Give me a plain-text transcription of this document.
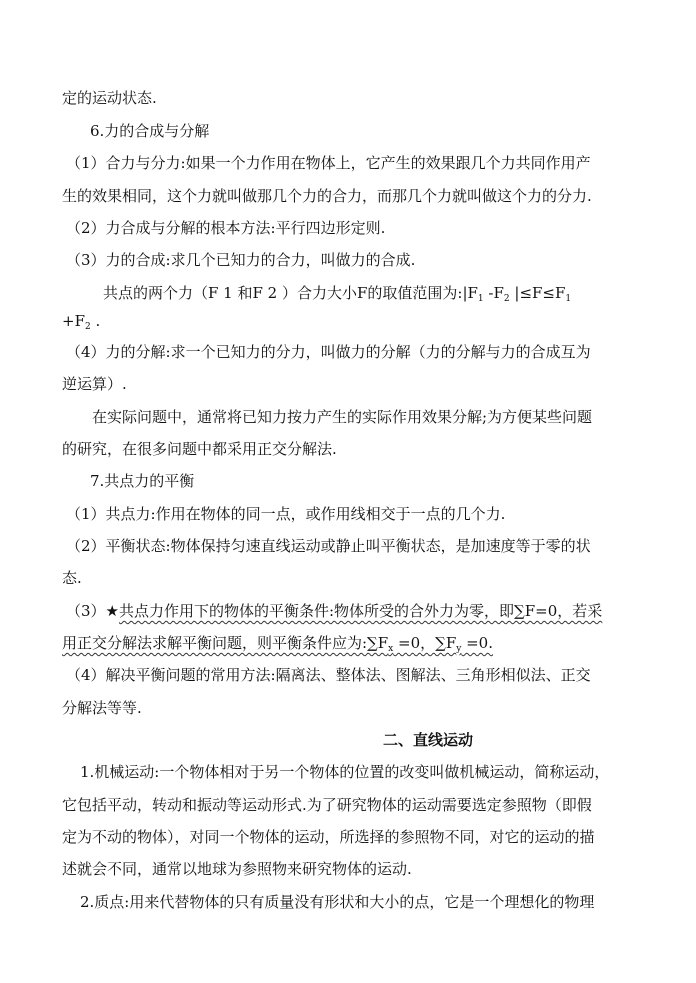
定的运动状态.
6.力的合成与分解
（1）合力与分力:如果一个力作用在物体上，它产生的效果跟几个力共同作用产
生的效果相同，这个力就叫做那几个力的合力，而那几个力就叫做这个力的分力.
（2）力合成与分解的根本方法:平行四边形定则.
（3）力的合成:求几个已知力的合力，叫做力的合成.
共点的两个力（F 1 和F 2 ）合力大小F的取值范围为$:|F_1$ $-F_2$ $|\le F\le F_1$
$+F_2$ .
（4）力的分解:求一个已知力的分力，叫做力的分解（力的分解与力的合成互为
逆运算）.
在实际问题中，通常将已知力按力产生的实际作用效果分解;为方便某些问题
的研究，在很多问题中都采用正交分解法.
7.共点力的平衡
（1）共点力:作用在物体的同一点，或作用线相交于一点的几个力.
（2）平衡状态:物体保持匀速直线运动或静止叫平衡状态，是加速度等于零的状
态.
（3）★共点力作用下的物体的平衡条件:物体所受的合外力为零，即∑F=0，若采
用正交分解法求解平衡问题，则平衡条件应为$:\sum F_x =0$，$\sum F_y =0$.
（4）解决平衡问题的常用方法:隔离法、整体法、图解法、三角形相似法、正交
分解法等等.
二、直线运动
1.机械运动:一个物体相对于另一个物体的位置的改变叫做机械运动，简称运动，
它包括平动，转动和振动等运动形式.为了研究物体的运动需要选定参照物（即假
定为不动的物体），对同一个物体的运动，所选择的参照物不同，对它的运动的描
述就会不同，通常以地球为参照物来研究物体的运动.
2.质点:用来代替物体的只有质量没有形状和大小的点，它是一个理想化的物理
